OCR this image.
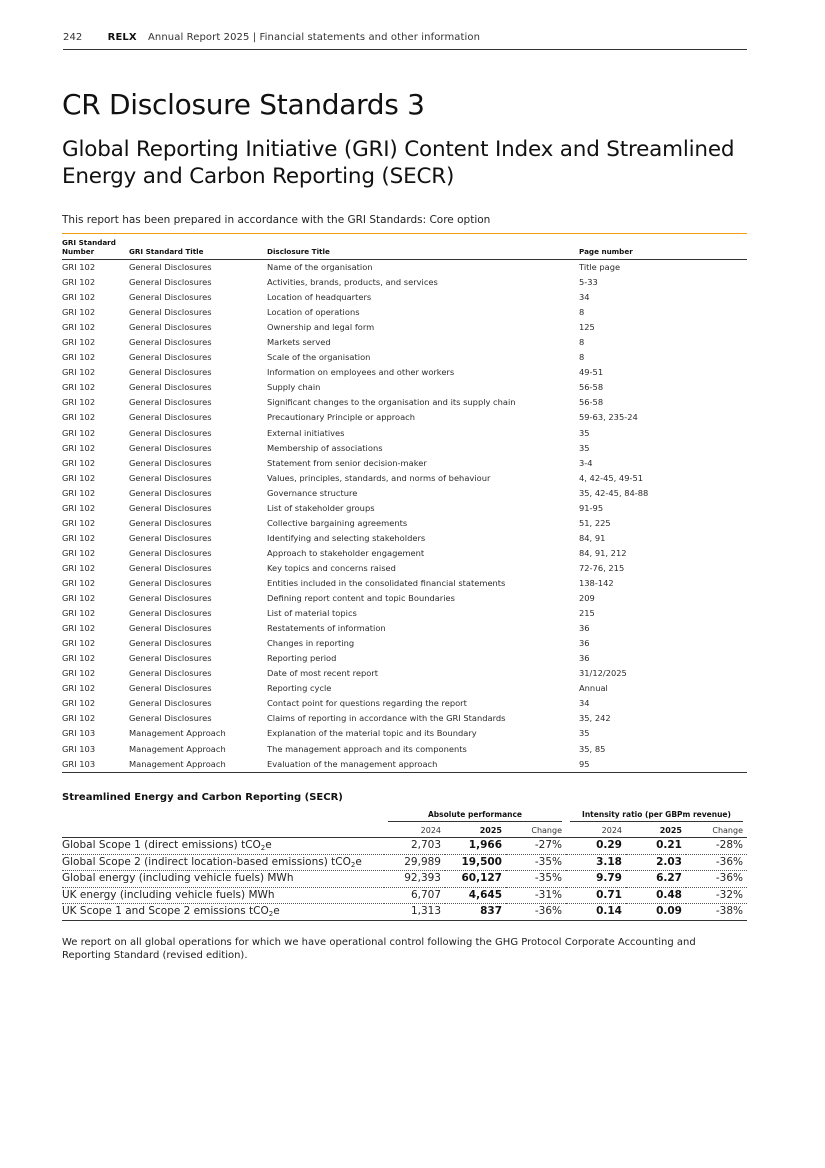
242	RELX Annual Report 2025 | Financial statements and other information
CR Disclosure Standards 3
Global Reporting Initiative (GRI) Content Index and Streamlined Energy and Carbon Reporting (SECR)

This report has been prepared in accordance with the GRI Standards: Core option

GRI Standard
Number	GRI Standard Title	Disclosure Title	Page number
GRI 102	General Disclosures	Name of the organisation	Title page
GRI 102	General Disclosures	Activities, brands, products, and services	5-33
GRI 102	General Disclosures	Location of headquarters	34
GRI 102	General Disclosures	Location of operations	8
GRI 102	General Disclosures	Ownership and legal form	125
GRI 102	General Disclosures	Markets served	8
GRI 102	General Disclosures	Scale of the organisation	8
GRI 102	General Disclosures	Information on employees and other workers	49-51
GRI 102	General Disclosures	Supply chain	56-58
GRI 102	General Disclosures	Significant changes to the organisation and its supply chain	56-58
GRI 102	General Disclosures	Precautionary Principle or approach	59-63, 235-24
GRI 102	General Disclosures	External initiatives	35
GRI 102	General Disclosures	Membership of associations	35
GRI 102	General Disclosures	Statement from senior decision-maker	3-4
GRI 102	General Disclosures	Values, principles, standards, and norms of behaviour	4, 42-45, 49-51
GRI 102	General Disclosures	Governance structure	35, 42-45, 84-88
GRI 102	General Disclosures	List of stakeholder groups	91-95
GRI 102	General Disclosures	Collective bargaining agreements	51, 225
GRI 102	General Disclosures	Identifying and selecting stakeholders	84, 91
GRI 102	General Disclosures	Approach to stakeholder engagement	84, 91, 212
GRI 102	General Disclosures	Key topics and concerns raised	72-76, 215
GRI 102	General Disclosures	Entities included in the consolidated financial statements	138-142
GRI 102	General Disclosures	Defining report content and topic Boundaries	209
GRI 102	General Disclosures	List of material topics	215
GRI 102	General Disclosures	Restatements of information	36
GRI 102	General Disclosures	Changes in reporting	36
GRI 102	General Disclosures	Reporting period	36
GRI 102	General Disclosures	Date of most recent report	31/12/2025
GRI 102	General Disclosures	Reporting cycle	Annual
GRI 102	General Disclosures	Contact point for questions regarding the report	34
GRI 102	General Disclosures	Claims of reporting in accordance with the GRI Standards	35, 242
GRI 103	Management Approach	Explanation of the material topic and its Boundary	35
GRI 103	Management Approach	The management approach and its components	35, 85
GRI 103	Management Approach	Evaluation of the management approach	95
Streamlined Energy and Carbon Reporting (SECR)

	Absolute performance			Intensity ratio (per GBPm revenue)		

	2024	2025	Change	2024	2025	Change
Global Scope 1 (direct emissions) tCO$_2$e	2,703	1,966	-27%	0.29	0.21	-28%
Global Scope 2 (indirect location-based emissions) tCO$_2$e	29,989	19,500	-35%	3.18	2.03	-36%
Global energy (including vehicle fuels) MWh	92,393	60,127	-35%	9.79	6.27	-36%
UK energy (including vehicle fuels) MWh	6,707	4,645	-31%	0.71	0.48	-32%
UK Scope 1 and Scope 2 emissions tCO$_2$e	1,313	837	-36%	0.14	0.09	-38%

We report on all global operations for which we have operational control following the GHG Protocol Corporate Accounting and Reporting Standard (revised edition).
